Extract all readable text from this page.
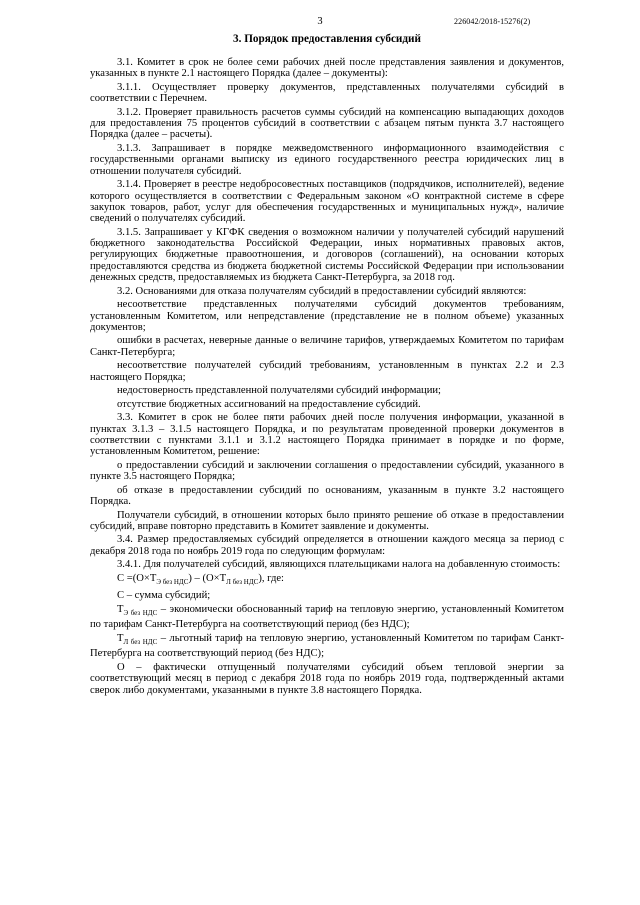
3	226042/2018-15276(2)
3. Порядок предоставления субсидий

3.1. Комитет в срок не более семи рабочих дней после представления заявления и документов, указанных в пункте 2.1 настоящего Порядка (далее – документы):

3.1.1. Осуществляет проверку документов, представленных получателями субсидий в соответствии с Перечнем.

3.1.2. Проверяет правильность расчетов суммы субсидий на компенсацию выпадающих доходов для предоставления 75 процентов субсидий в соответствии с абзацем пятым пункта 3.7 настоящего Порядка (далее – расчеты).

3.1.3. Запрашивает в порядке межведомственного информационного взаимодействия с государственными органами выписку из единого государственного реестра юридических лиц в отношении получателя субсидий.

3.1.4. Проверяет в реестре недобросовестных поставщиков (подрядчиков, исполнителей), ведение которого осуществляется в соответствии с Федеральным законом «О контрактной системе в сфере закупок товаров, работ, услуг для обеспечения государственных и муниципальных нужд», наличие сведений о получателях субсидий.

3.1.5. Запрашивает у КГФК сведения о возможном наличии у получателей субсидий нарушений бюджетного законодательства Российской Федерации, иных нормативных правовых актов, регулирующих бюджетные правоотношения, и договоров (соглашений), на основании которых предоставляются средства из бюджета бюджетной системы Российской Федерации при использовании денежных средств, предоставляемых из бюджета Санкт-Петербурга, за 2018 год.

3.2. Основаниями для отказа получателям субсидий в предоставлении субсидий являются:

несоответствие представленных получателями субсидий документов требованиям, установленным Комитетом, или непредставление (представление не в полном объеме) указанных документов;

ошибки в расчетах, неверные данные о величине тарифов, утверждаемых Комитетом по тарифам Санкт-Петербурга;

несоответствие получателей субсидий требованиям, установленным в пунктах 2.2 и 2.3 настоящего Порядка;

недостоверность представленной получателями субсидий информации;

отсутствие бюджетных ассигнований на предоставление субсидий.

3.3. Комитет в срок не более пяти рабочих дней после получения информации, указанной в пунктах 3.1.3 – 3.1.5 настоящего Порядка, и по результатам проведенной проверки документов в соответствии с пунктами 3.1.1 и 3.1.2 настоящего Порядка принимает в порядке и по форме, установленным Комитетом, решение:

о предоставлении субсидий и заключении соглашения о предоставлении субсидий, указанного в пункте 3.5 настоящего Порядка;

об отказе в предоставлении субсидий по основаниям, указанным в пункте 3.2 настоящего Порядка.

Получатели субсидий, в отношении которых было принято решение об отказе в предоставлении субсидий, вправе повторно представить в Комитет заявление и документы.

3.4. Размер предоставляемых субсидий определяется в отношении каждого месяца за период с декабря 2018 года по ноябрь 2019 года по следующим формулам:

3.4.1. Для получателей субсидий, являющихся плательщиками налога на добавленную стоимость:

$С =(О\times Т_{Э без НДС}) - (О\times Т_{Л без НДС})$, где:

С – сумма субсидий;

$Т_{Э без НДС}$ – экономически обоснованный тариф на тепловую энергию, установленный Комитетом по тарифам Санкт-Петербурга на соответствующий период (без НДС);

$Т_{Л без НДС}$ – льготный тариф на тепловую энергию, установленный Комитетом по тарифам Санкт-Петербурга на соответствующий период (без НДС);

О – фактически отпущенный получателями субсидий объем тепловой энергии за соответствующий месяц в период с декабря 2018 года по ноябрь 2019 года, подтвержденный актами сверок либо документами, указанными в пункте 3.8 настоящего Порядка.
